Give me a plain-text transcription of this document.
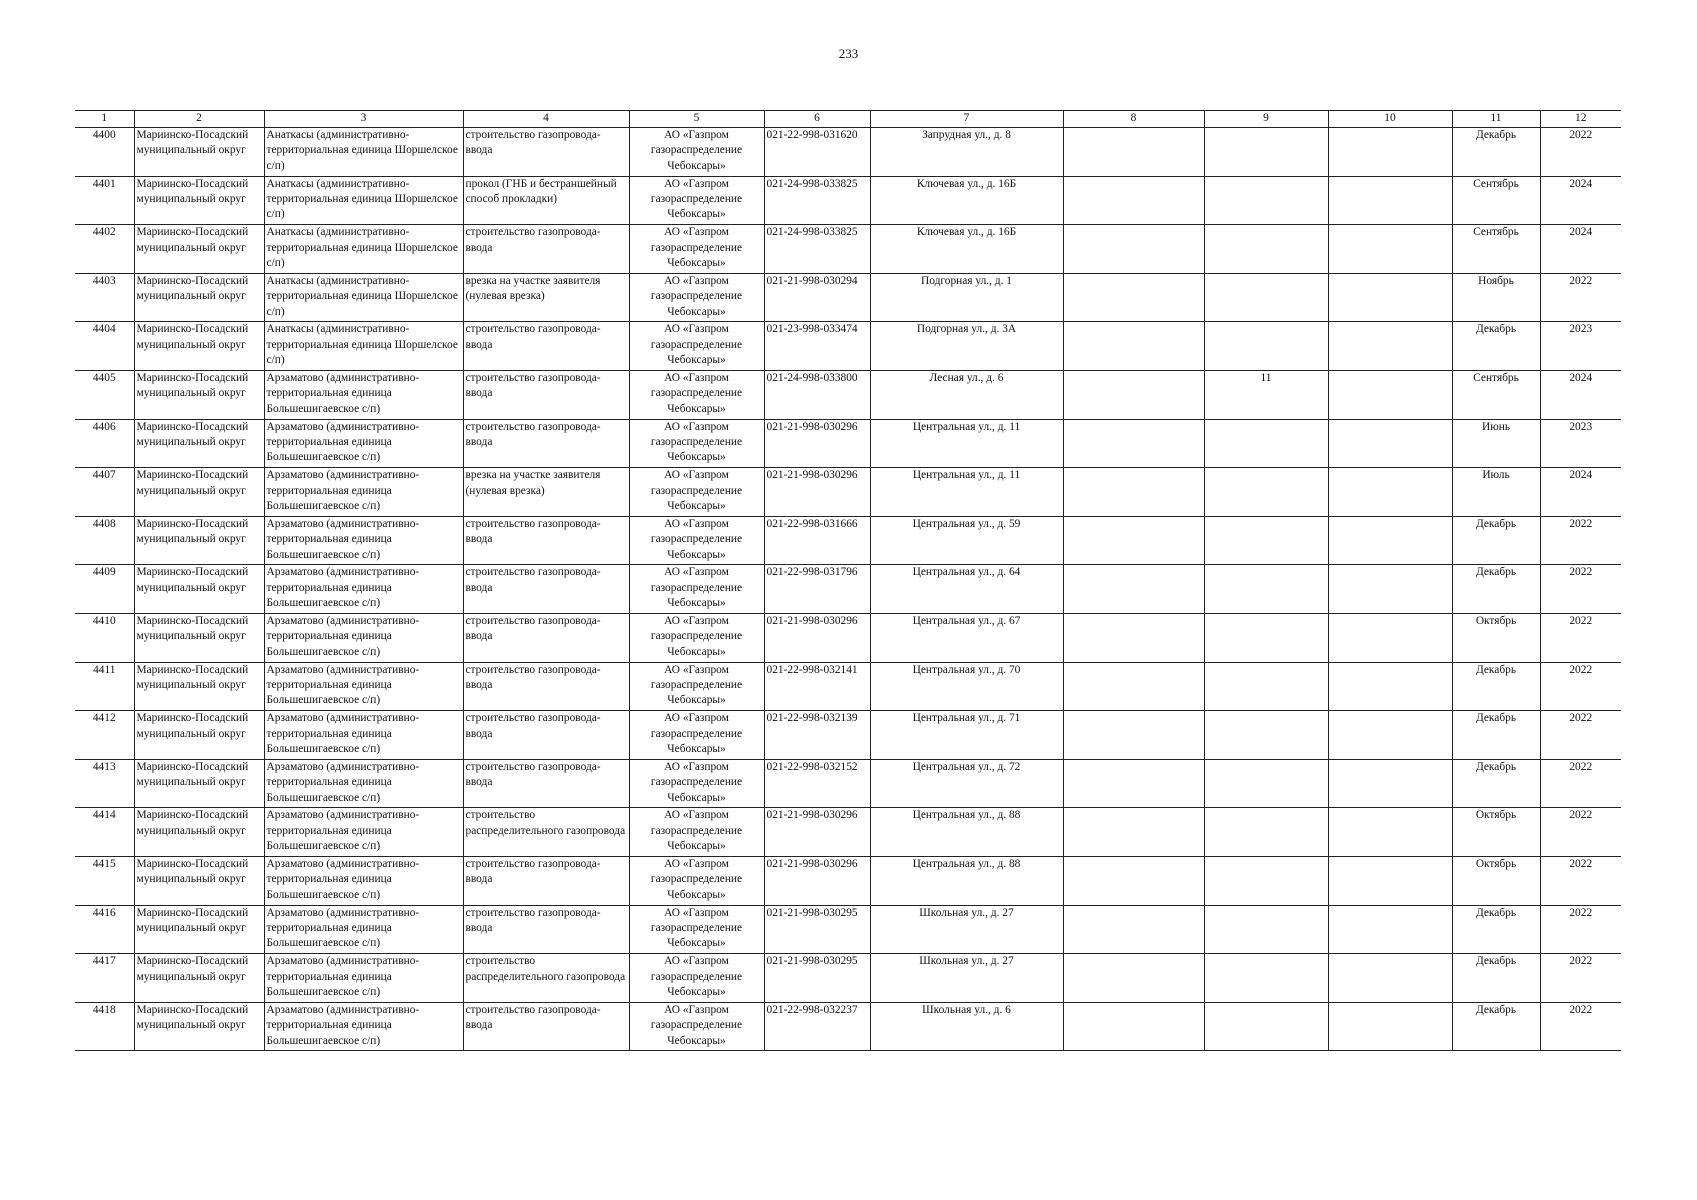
233
1	2	3	4	5	6	7	8	9	10	11	12
4400	Мариинско-Посадский муниципальный округ	Анаткасы (административно-территориальная единица Шоршелское с/п)	строительство газопровода-ввода	АО «Газпром газораспределение Чебоксары»	021-22-998-031620	Запрудная ул., д. 8				Декабрь	2022
4401	Мариинско-Посадский муниципальный округ	Анаткасы (административно-территориальная единица Шоршелское с/п)	прокол (ГНБ и бестраншейный способ прокладки)	АО «Газпром газораспределение Чебоксары»	021-24-998-033825	Ключевая ул., д. 16Б				Сентябрь	2024
4402	Мариинско-Посадский муниципальный округ	Анаткасы (административно-территориальная единица Шоршелское с/п)	строительство газопровода-ввода	АО «Газпром газораспределение Чебоксары»	021-24-998-033825	Ключевая ул., д. 16Б				Сентябрь	2024
4403	Мариинско-Посадский муниципальный округ	Анаткасы (административно-территориальная единица Шоршелское с/п)	врезка на участке заявителя (нулевая врезка)	АО «Газпром газораспределение Чебоксары»	021-21-998-030294	Подгорная ул., д. 1				Ноябрь	2022
4404	Мариинско-Посадский муниципальный округ	Анаткасы (административно-территориальная единица Шоршелское с/п)	строительство газопровода-ввода	АО «Газпром газораспределение Чебоксары»	021-23-998-033474	Подгорная ул., д. 3А				Декабрь	2023
4405	Мариинско-Посадский муниципальный округ	Арзаматово (административно-территориальная единица Большешигаевское с/п)	строительство газопровода-ввода	АО «Газпром газораспределение Чебоксары»	021-24-998-033800	Лесная ул., д. 6		11		Сентябрь	2024
4406	Мариинско-Посадский муниципальный округ	Арзаматово (административно-территориальная единица Большешигаевское с/п)	строительство газопровода-ввода	АО «Газпром газораспределение Чебоксары»	021-21-998-030296	Центральная ул., д. 11				Июнь	2023
4407	Мариинско-Посадский муниципальный округ	Арзаматово (административно-территориальная единица Большешигаевское с/п)	врезка на участке заявителя (нулевая врезка)	АО «Газпром газораспределение Чебоксары»	021-21-998-030296	Центральная ул., д. 11				Июль	2024
4408	Мариинско-Посадский муниципальный округ	Арзаматово (административно-территориальная единица Большешигаевское с/п)	строительство газопровода-ввода	АО «Газпром газораспределение Чебоксары»	021-22-998-031666	Центральная ул., д. 59				Декабрь	2022
4409	Мариинско-Посадский муниципальный округ	Арзаматово (административно-территориальная единица Большешигаевское с/п)	строительство газопровода-ввода	АО «Газпром газораспределение Чебоксары»	021-22-998-031796	Центральная ул., д. 64				Декабрь	2022
4410	Мариинско-Посадский муниципальный округ	Арзаматово (административно-территориальная единица Большешигаевское с/п)	строительство газопровода-ввода	АО «Газпром газораспределение Чебоксары»	021-21-998-030296	Центральная ул., д. 67				Октябрь	2022
4411	Мариинско-Посадский муниципальный округ	Арзаматово (административно-территориальная единица Большешигаевское с/п)	строительство газопровода-ввода	АО «Газпром газораспределение Чебоксары»	021-22-998-032141	Центральная ул., д. 70				Декабрь	2022
4412	Мариинско-Посадский муниципальный округ	Арзаматово (административно-территориальная единица Большешигаевское с/п)	строительство газопровода-ввода	АО «Газпром газораспределение Чебоксары»	021-22-998-032139	Центральная ул., д. 71				Декабрь	2022
4413	Мариинско-Посадский муниципальный округ	Арзаматово (административно-территориальная единица Большешигаевское с/п)	строительство газопровода-ввода	АО «Газпром газораспределение Чебоксары»	021-22-998-032152	Центральная ул., д. 72				Декабрь	2022
4414	Мариинско-Посадский муниципальный округ	Арзаматово (административно-территориальная единица Большешигаевское с/п)	строительство распределительного газопровода	АО «Газпром газораспределение Чебоксары»	021-21-998-030296	Центральная ул., д. 88				Октябрь	2022
4415	Мариинско-Посадский муниципальный округ	Арзаматово (административно-территориальная единица Большешигаевское с/п)	строительство газопровода-ввода	АО «Газпром газораспределение Чебоксары»	021-21-998-030296	Центральная ул., д. 88				Октябрь	2022
4416	Мариинско-Посадский муниципальный округ	Арзаматово (административно-территориальная единица Большешигаевское с/п)	строительство газопровода-ввода	АО «Газпром газораспределение Чебоксары»	021-21-998-030295	Школьная ул., д. 27				Декабрь	2022
4417	Мариинско-Посадский муниципальный округ	Арзаматово (административно-территориальная единица Большешигаевское с/п)	строительство распределительного газопровода	АО «Газпром газораспределение Чебоксары»	021-21-998-030295	Школьная ул., д. 27				Декабрь	2022
4418	Мариинско-Посадский муниципальный округ	Арзаматово (административно-территориальная единица Большешигаевское с/п)	строительство газопровода-ввода	АО «Газпром газораспределение Чебоксары»	021-22-998-032237	Школьная ул., д. 6				Декабрь	2022
